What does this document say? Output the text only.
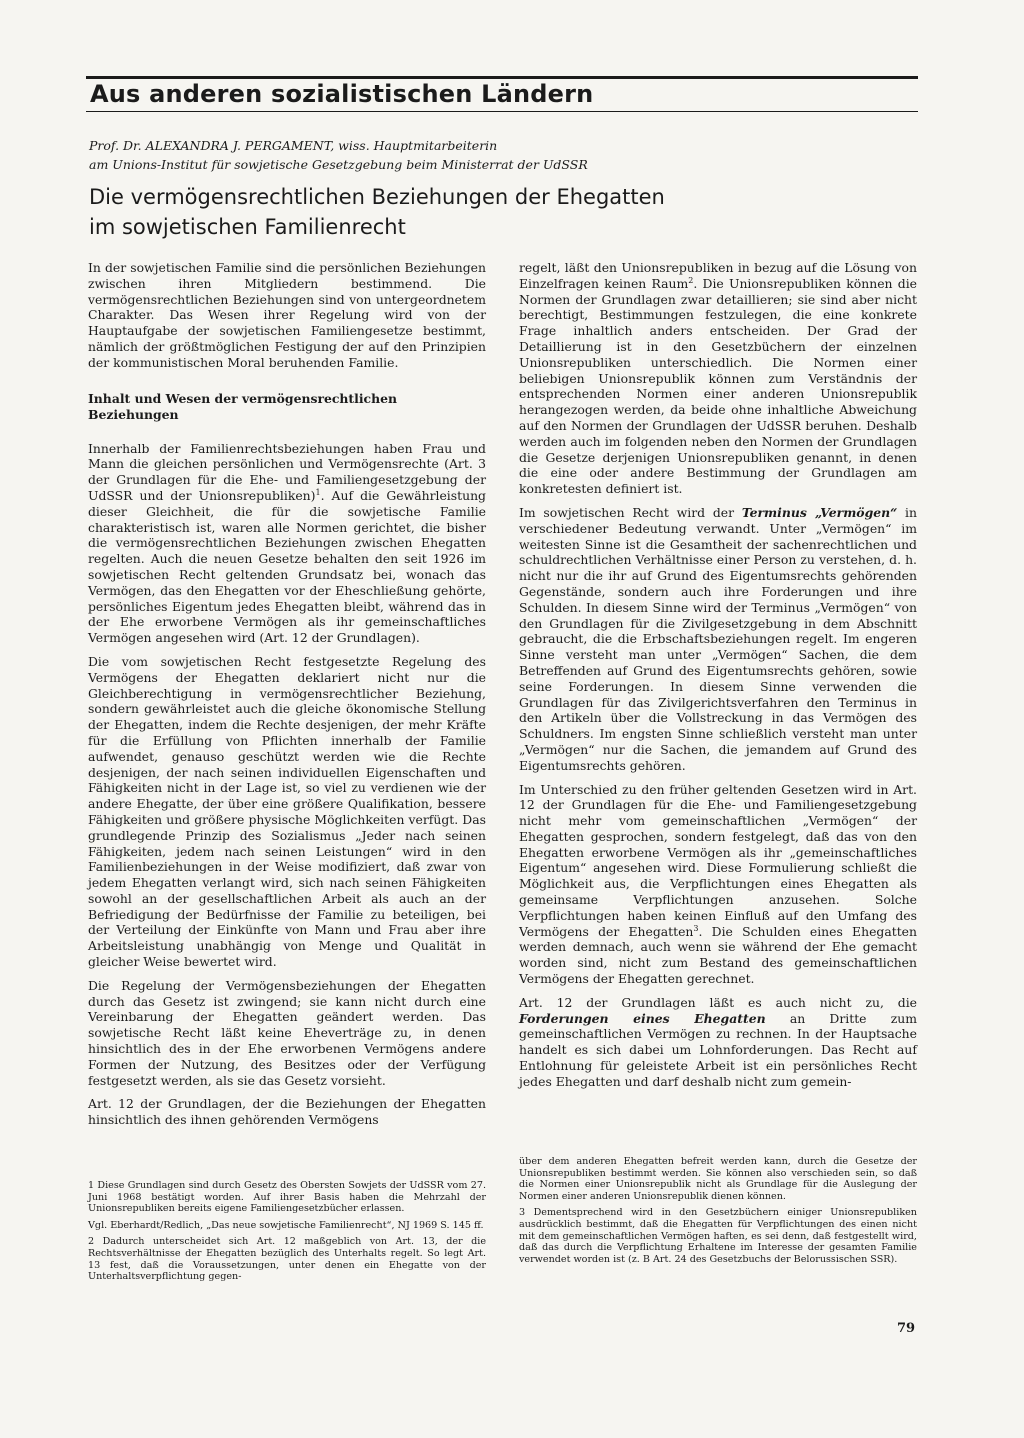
Aus anderen sozialistischen Ländern
Prof. Dr. ALEXANDRA J. PERGAMENT, wiss. Hauptmitarbeiterin
am Unions-Institut für sowjetische Gesetzgebung beim Ministerrat der UdSSR
Die vermögensrechtlichen Beziehungen der Ehegatten
im sowjetischen Familienrecht

In der sowjetischen Familie sind die persönlichen Beziehungen zwischen ihren Mitgliedern bestimmend. Die vermögensrechtlichen Beziehungen sind von untergeordnetem Charakter. Das Wesen ihrer Regelung wird von der Hauptaufgabe der sowjetischen Familiengesetze bestimmt, nämlich der größtmöglichen Festigung der auf den Prinzipien der kommunistischen Moral beruhenden Familie.

Inhalt und Wesen der vermögensrechtlichen Beziehungen

Innerhalb der Familienrechtsbeziehungen haben Frau und Mann die gleichen persönlichen und Vermögensrechte (Art. 3 der Grundlagen für die Ehe- und Familiengesetzgebung der UdSSR und der Unionsrepubliken)$^1$. Auf die Gewährleistung dieser Gleichheit, die für die sowjetische Familie charakteristisch ist, waren alle Normen gerichtet, die bisher die vermögensrechtlichen Beziehungen zwischen Ehegatten regelten. Auch die neuen Gesetze behalten den seit 1926 im sowjetischen Recht geltenden Grundsatz bei, wonach das Vermögen, das den Ehegatten vor der Eheschließung gehörte, persönliches Eigentum jedes Ehegatten bleibt, während das in der Ehe erworbene Vermögen als ihr gemeinschaftliches Vermögen angesehen wird (Art. 12 der Grundlagen).

Die vom sowjetischen Recht festgesetzte Regelung des Vermögens der Ehegatten deklariert nicht nur die Gleichberechtigung in vermögensrechtlicher Beziehung, sondern gewährleistet auch die gleiche ökonomische Stellung der Ehegatten, indem die Rechte desjenigen, der mehr Kräfte für die Erfüllung von Pflichten innerhalb der Familie aufwendet, genauso geschützt werden wie die Rechte desjenigen, der nach seinen individuellen Eigenschaften und Fähigkeiten nicht in der Lage ist, so viel zu verdienen wie der andere Ehegatte, der über eine größere Qualifikation, bessere Fähigkeiten und größere physische Möglichkeiten verfügt. Das grundlegende Prinzip des Sozialismus „Jeder nach seinen Fähigkeiten, jedem nach seinen Leistungen“ wird in den Familienbeziehungen in der Weise modifiziert, daß zwar von jedem Ehegatten verlangt wird, sich nach seinen Fähigkeiten sowohl an der gesellschaftlichen Arbeit als auch an der Befriedigung der Bedürfnisse der Familie zu beteiligen, bei der Verteilung der Einkünfte von Mann und Frau aber ihre Arbeitsleistung unabhängig von Menge und Qualität in gleicher Weise bewertet wird.

Die Regelung der Vermögensbeziehungen der Ehegatten durch das Gesetz ist zwingend; sie kann nicht durch eine Vereinbarung der Ehegatten geändert werden. Das sowjetische Recht läßt keine Eheverträge zu, in denen hinsichtlich des in der Ehe erworbenen Vermögens andere Formen der Nutzung, des Besitzes oder der Verfügung festgesetzt werden, als sie das Gesetz vorsieht.

Art. 12 der Grundlagen, der die Beziehungen der Ehegatten hinsichtlich des ihnen gehörenden Vermögens

regelt, läßt den Unionsrepubliken in bezug auf die Lösung von Einzelfragen keinen Raum$^2$. Die Unionsrepubliken können die Normen der Grundlagen zwar detaillieren; sie sind aber nicht berechtigt, Bestimmungen festzulegen, die eine konkrete Frage inhaltlich anders entscheiden. Der Grad der Detaillierung ist in den Gesetzbüchern der einzelnen Unionsrepubliken unterschiedlich. Die Normen einer beliebigen Unionsrepublik können zum Verständnis der entsprechenden Normen einer anderen Unionsrepublik herangezogen werden, da beide ohne inhaltliche Abweichung auf den Normen der Grundlagen der UdSSR beruhen. Deshalb werden auch im folgenden neben den Normen der Grundlagen die Gesetze derjenigen Unionsrepubliken genannt, in denen die eine oder andere Bestimmung der Grundlagen am konkretesten definiert ist.

Im sowjetischen Recht wird der Terminus „Vermögen“ in verschiedener Bedeutung verwandt. Unter „Vermögen“ im weitesten Sinne ist die Gesamtheit der sachenrechtlichen und schuldrechtlichen Verhältnisse einer Person zu verstehen, d. h. nicht nur die ihr auf Grund des Eigentumsrechts gehörenden Gegenstände, sondern auch ihre Forderungen und ihre Schulden. In diesem Sinne wird der Terminus „Vermögen“ von den Grundlagen für die Zivilgesetzgebung in dem Abschnitt gebraucht, die die Erbschaftsbeziehungen regelt. Im engeren Sinne versteht man unter „Vermögen“ Sachen, die dem Betreffenden auf Grund des Eigentumsrechts gehören, sowie seine Forderungen. In diesem Sinne verwenden die Grundlagen für das Zivilgerichtsverfahren den Terminus in den Artikeln über die Vollstreckung in das Vermögen des Schuldners. Im engsten Sinne schließlich versteht man unter „Vermögen“ nur die Sachen, die jemandem auf Grund des Eigentumsrechts gehören.

Im Unterschied zu den früher geltenden Gesetzen wird in Art. 12 der Grundlagen für die Ehe- und Familiengesetzgebung nicht mehr vom gemeinschaftlichen „Vermögen“ der Ehegatten gesprochen, sondern festgelegt, daß das von den Ehegatten erworbene Vermögen als ihr „gemeinschaftliches Eigentum“ angesehen wird. Diese Formulierung schließt die Möglichkeit aus, die Verpflichtungen eines Ehegatten als gemeinsame Verpflichtungen anzusehen. Solche Verpflichtungen haben keinen Einfluß auf den Umfang des Vermögens der Ehegatten$^3$. Die Schulden eines Ehegatten werden demnach, auch wenn sie während der Ehe gemacht worden sind, nicht zum Bestand des gemeinschaftlichen Vermögens der Ehegatten gerechnet.

Art. 12 der Grundlagen läßt es auch nicht zu, die Forderungen eines Ehegatten an Dritte zum gemeinschaftlichen Vermögen zu rechnen. In der Hauptsache handelt es sich dabei um Lohnforderungen. Das Recht auf Entlohnung für geleistete Arbeit ist ein persönliches Recht jedes Ehegatten und darf deshalb nicht zum gemein-

1 Diese Grundlagen sind durch Gesetz des Obersten Sowjets der UdSSR vom 27. Juni 1968 bestätigt worden. Auf ihrer Basis haben die Mehrzahl der Unionsrepubliken bereits eigene Familiengesetzbücher erlassen.

Vgl. Eberhardt/Redlich, „Das neue sowjetische Familienrecht“, NJ 1969 S. 145 ff.

2 Dadurch unterscheidet sich Art. 12 maßgeblich von Art. 13, der die Rechtsverhältnisse der Ehegatten bezüglich des Unterhalts regelt. So legt Art. 13 fest, daß die Voraussetzungen, unter denen ein Ehegatte von der Unterhaltsverpflichtung gegen-

über dem anderen Ehegatten befreit werden kann, durch die Gesetze der Unionsrepubliken bestimmt werden. Sie können also verschieden sein, so daß die Normen einer Unionsrepublik nicht als Grundlage für die Auslegung der Normen einer anderen Unionsrepublik dienen können.

3 Dementsprechend wird in den Gesetzbüchern einiger Unionsrepubliken ausdrücklich bestimmt, daß die Ehegatten für Verpflichtungen des einen nicht mit dem gemeinschaftlichen Vermögen haften, es sei denn, daß festgestellt wird, daß das durch die Verpflichtung Erhaltene im Interesse der gesamten Familie verwendet worden ist (z. B Art. 24 des Gesetzbuchs der Belorussischen SSR).

79
